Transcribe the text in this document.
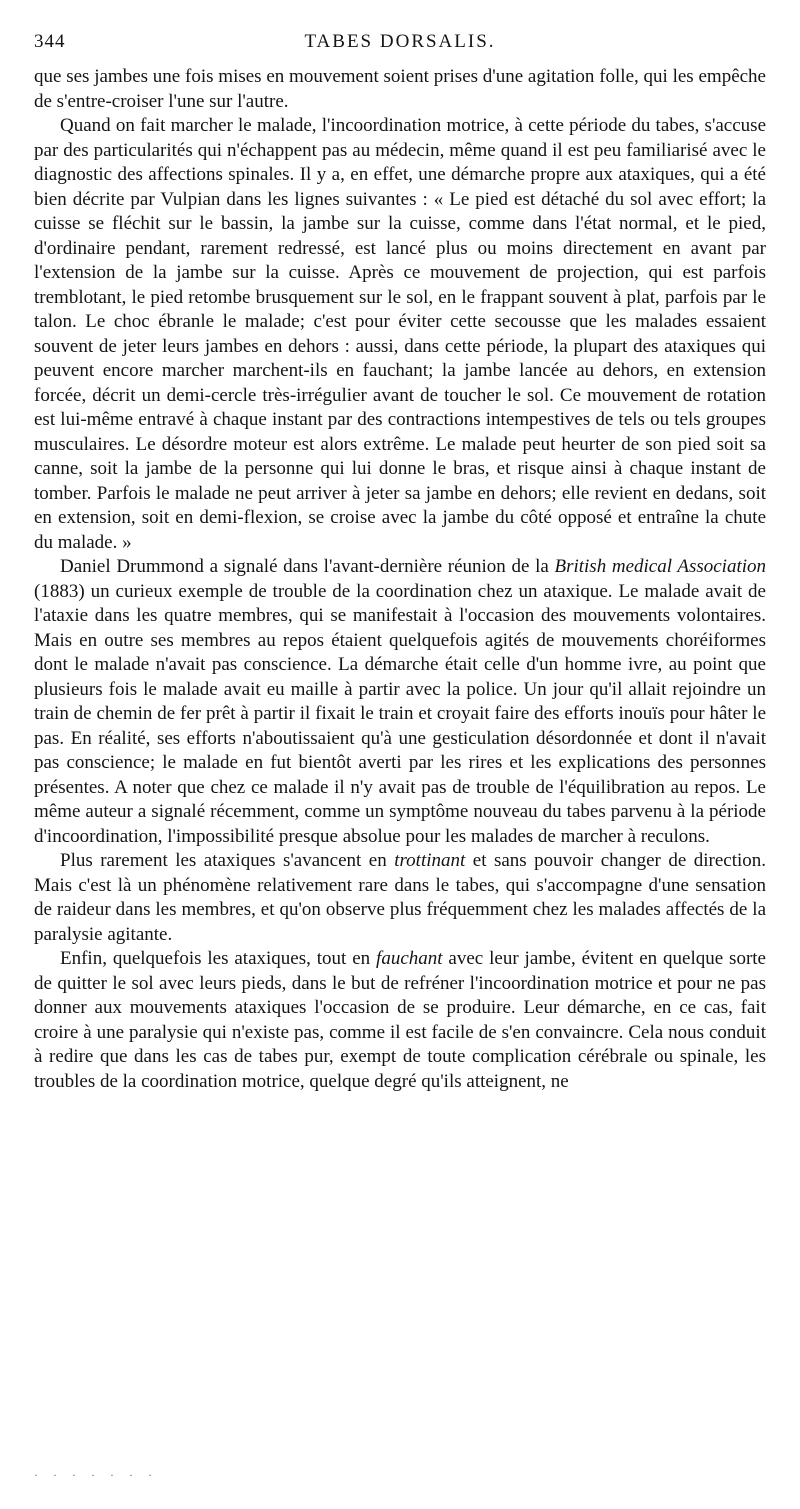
344	TABES DORSALIS.

que ses jambes une fois mises en mouvement soient prises d'une agitation folle, qui les empêche de s'entre-croiser l'une sur l'autre.

Quand on fait marcher le malade, l'incoordination motrice, à cette période du tabes, s'accuse par des particularités qui n'échappent pas au médecin, même quand il est peu familiarisé avec le diagnostic des affections spinales. Il y a, en effet, une démarche propre aux ataxiques, qui a été bien décrite par Vulpian dans les lignes suivantes : « Le pied est détaché du sol avec effort; la cuisse se fléchit sur le bassin, la jambe sur la cuisse, comme dans l'état normal, et le pied, d'ordinaire pendant, rarement redressé, est lancé plus ou moins directement en avant par l'extension de la jambe sur la cuisse. Après ce mouvement de projection, qui est parfois tremblotant, le pied retombe brusquement sur le sol, en le frappant souvent à plat, parfois par le talon. Le choc ébranle le malade; c'est pour éviter cette secousse que les malades essaient souvent de jeter leurs jambes en dehors : aussi, dans cette période, la plupart des ataxiques qui peuvent encore marcher marchent-ils en fauchant; la jambe lancée au dehors, en extension forcée, décrit un demi-cercle très-irrégulier avant de toucher le sol. Ce mouvement de rotation est lui-même entravé à chaque instant par des contractions intempestives de tels ou tels groupes musculaires. Le désordre moteur est alors extrême. Le malade peut heurter de son pied soit sa canne, soit la jambe de la personne qui lui donne le bras, et risque ainsi à chaque instant de tomber. Parfois le malade ne peut arriver à jeter sa jambe en dehors; elle revient en dedans, soit en extension, soit en demi-flexion, se croise avec la jambe du côté opposé et entraîne la chute du malade. »

Daniel Drummond a signalé dans l'avant-dernière réunion de la British medical Association (1883) un curieux exemple de trouble de la coordination chez un ataxique. Le malade avait de l'ataxie dans les quatre membres, qui se manifestait à l'occasion des mouvements volontaires. Mais en outre ses membres au repos étaient quelquefois agités de mouvements choréiformes dont le malade n'avait pas conscience. La démarche était celle d'un homme ivre, au point que plusieurs fois le malade avait eu maille à partir avec la police. Un jour qu'il allait rejoindre un train de chemin de fer prêt à partir il fixait le train et croyait faire des efforts inouïs pour hâter le pas. En réalité, ses efforts n'aboutissaient qu'à une gesticulation désordonnée et dont il n'avait pas conscience; le malade en fut bientôt averti par les rires et les explications des personnes présentes. A noter que chez ce malade il n'y avait pas de trouble de l'équilibration au repos. Le même auteur a signalé récemment, comme un symptôme nouveau du tabes parvenu à la période d'incoordination, l'impossibilité presque absolue pour les malades de marcher à reculons.

Plus rarement les ataxiques s'avancent en trottinant et sans pouvoir changer de direction. Mais c'est là un phénomène relativement rare dans le tabes, qui s'accompagne d'une sensation de raideur dans les membres, et qu'on observe plus fréquemment chez les malades affectés de la paralysie agitante.

Enfin, quelquefois les ataxiques, tout en fauchant avec leur jambe, évitent en quelque sorte de quitter le sol avec leurs pieds, dans le but de refréner l'incoordination motrice et pour ne pas donner aux mouvements ataxiques l'occasion de se produire. Leur démarche, en ce cas, fait croire à une paralysie qui n'existe pas, comme il est facile de s'en convaincre. Cela nous conduit à redire que dans les cas de tabes pur, exempt de toute complication cérébrale ou spinale, les troubles de la coordination motrice, quelque degré qu'ils atteignent, ne

· · · · · · ·
